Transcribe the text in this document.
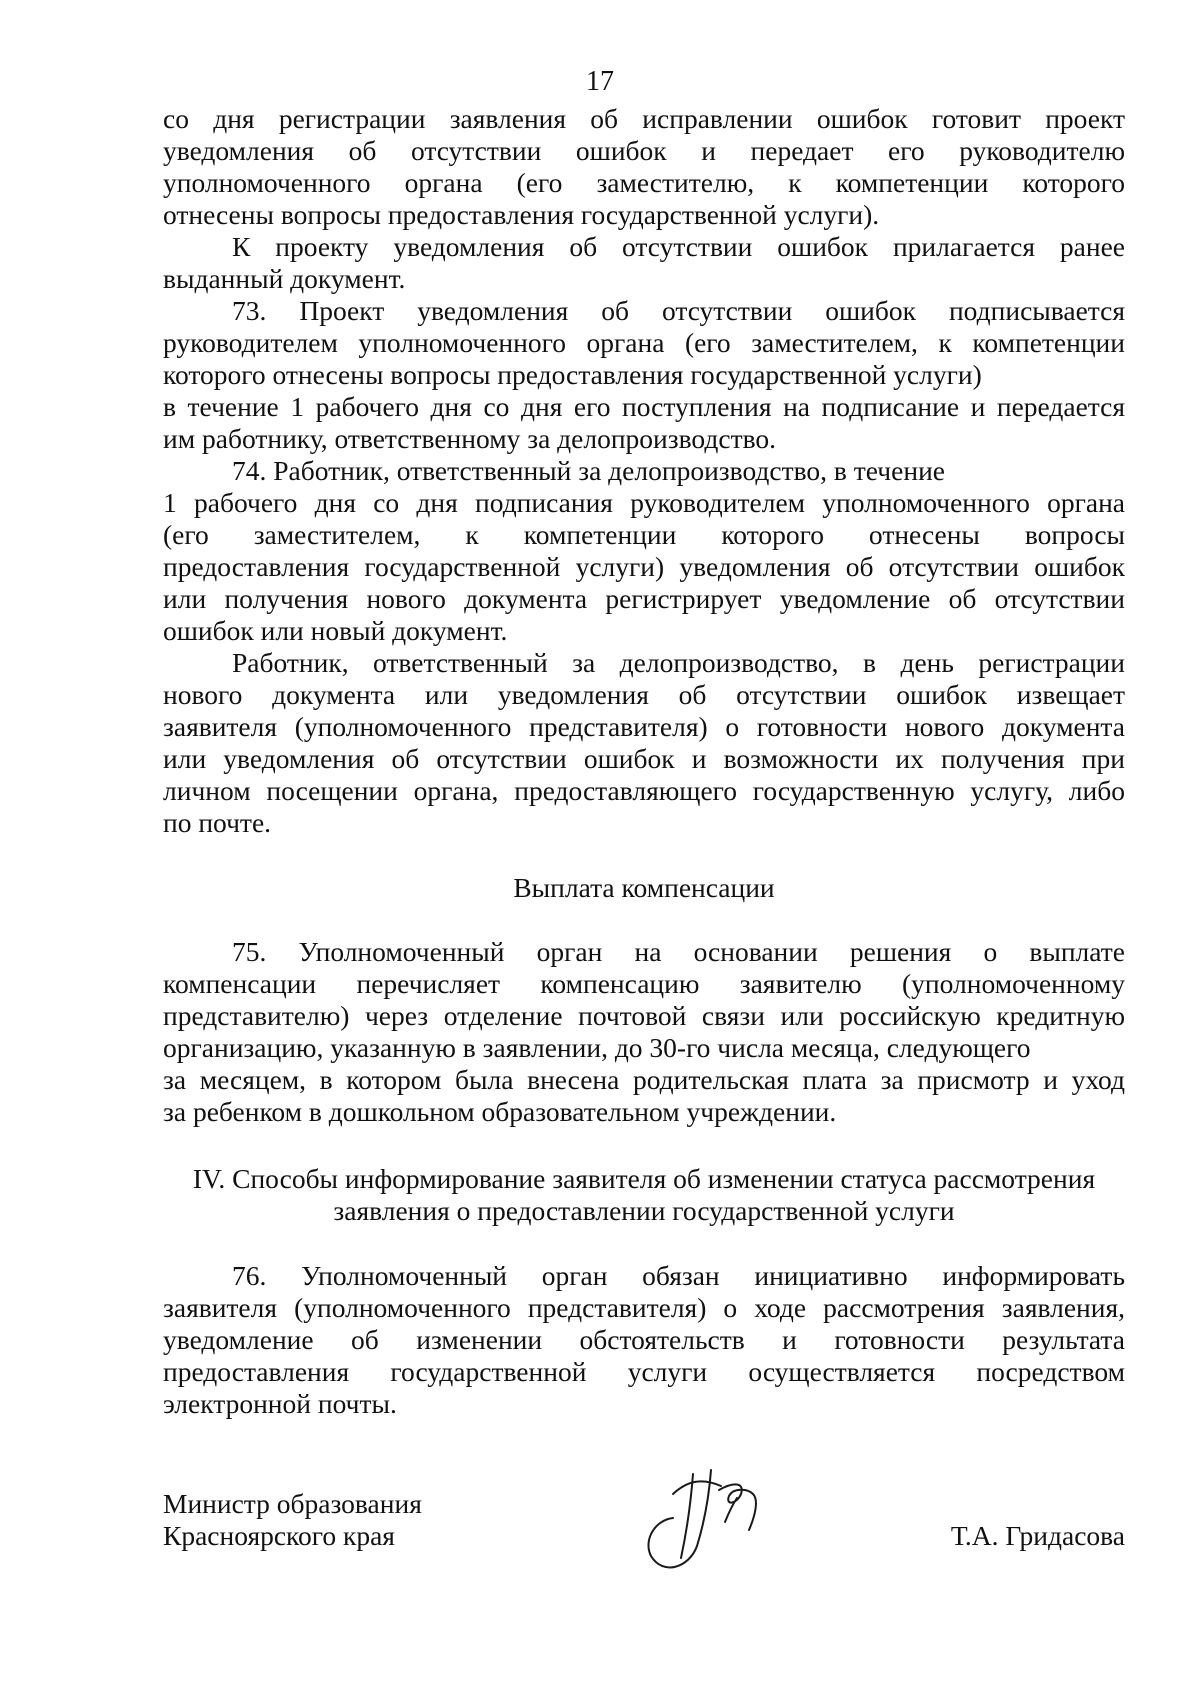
17
со дня регистрации заявления об исправлении ошибок готовит проект
уведомления об отсутствии ошибок и передает его руководителю
уполномоченного органа (его заместителю, к компетенции которого
отнесены вопросы предоставления государственной услуги).
К проекту уведомления об отсутствии ошибок прилагается ранее
выданный документ.
73. Проект уведомления об отсутствии ошибок подписывается
руководителем уполномоченного органа (его заместителем, к компетенции
которого отнесены вопросы предоставления государственной услуги)
в течение 1 рабочего дня со дня его поступления на подписание и передается
им работнику, ответственному за делопроизводство.
74. Работник, ответственный за делопроизводство, в течение
1 рабочего дня со дня подписания руководителем уполномоченного органа
(его заместителем, к компетенции которого отнесены вопросы
предоставления государственной услуги) уведомления об отсутствии ошибок
или получения нового документа регистрирует уведомление об отсутствии
ошибок или новый документ.
Работник, ответственный за делопроизводство, в день регистрации
нового документа или уведомления об отсутствии ошибок извещает
заявителя (уполномоченного представителя) о готовности нового документа
или уведомления об отсутствии ошибок и возможности их получения при
личном посещении органа, предоставляющего государственную услугу, либо
по почте.
Выплата компенсации
75. Уполномоченный орган на основании решения о выплате
компенсации перечисляет компенсацию заявителю (уполномоченному
представителю) через отделение почтовой связи или российскую кредитную
организацию, указанную в заявлении, до 30-го числа месяца, следующего
за месяцем, в котором была внесена родительская плата за присмотр и уход
за ребенком в дошкольном образовательном учреждении.
IV. Способы информирование заявителя об изменении статуса рассмотрения
заявления о предоставлении государственной услуги
76. Уполномоченный орган обязан инициативно информировать
заявителя (уполномоченного представителя) о ходе рассмотрения заявления,
уведомление об изменении обстоятельств и готовности результата
предоставления государственной услуги осуществляется посредством
электронной почты.
Министр образования
Красноярского края	Т.А. Гридасова
